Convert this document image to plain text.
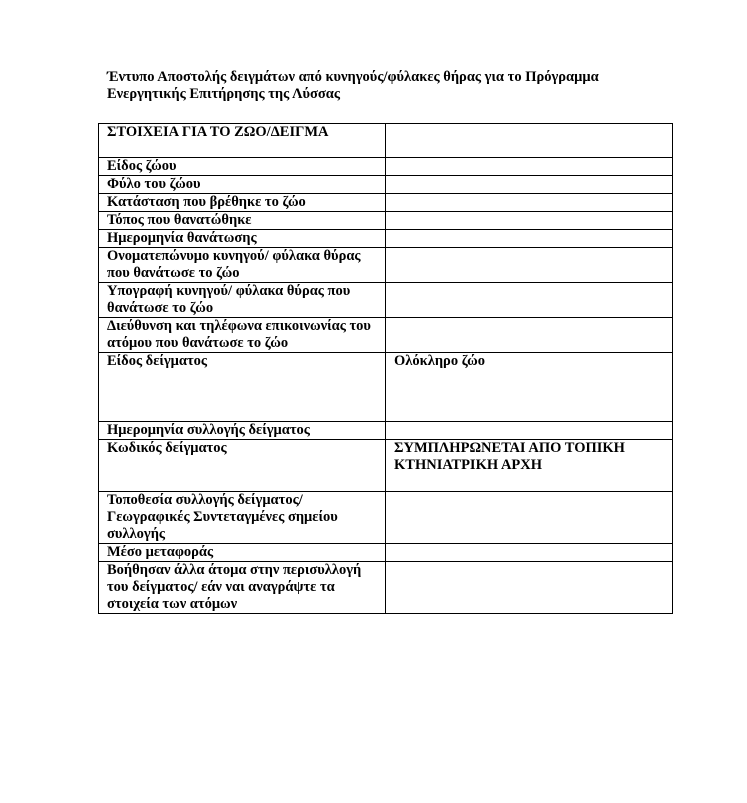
Έντυπο Αποστολής δειγμάτων από κυνηγούς/φύλακες θήρας για το Πρόγραμμα
Ενεργητικής Επιτήρησης της Λύσσας

ΣΤΟΙΧΕΙΑ ΓΙΑ ΤΟ ΖΩΟ/ΔΕΙΓΜΑ	
Είδος ζώου	
Φύλο του ζώου	
Κατάσταση που βρέθηκε το ζώο	
Τόπος που θανατώθηκε	
Ημερομηνία θανάτωσης	
Ονοματεπώνυμο κυνηγού/ φύλακα θύρας που θανάτωσε το ζώο	
Υπογραφή κυνηγού/ φύλακα θύρας που θανάτωσε το ζώο	
Διεύθυνση και τηλέφωνα επικοινωνίας του ατόμου που θανάτωσε το ζώο	
Είδος δείγματος	Ολόκληρο ζώο
Ημερομηνία συλλογής δείγματος	
Κωδικός δείγματος	ΣΥΜΠΛΗΡΩΝΕΤΑΙ ΑΠΟ ΤΟΠΙΚΗ ΚΤΗΝΙΑΤΡΙΚΗ ΑΡΧΗ
Τοποθεσία συλλογής δείγματος/Γεωγραφικές Συντεταγμένες σημείου συλλογής	
Μέσο μεταφοράς	
Βοήθησαν άλλα άτομα στην περισυλλογή του δείγματος/ εάν ναι αναγράψτε τα στοιχεία των ατόμων	
